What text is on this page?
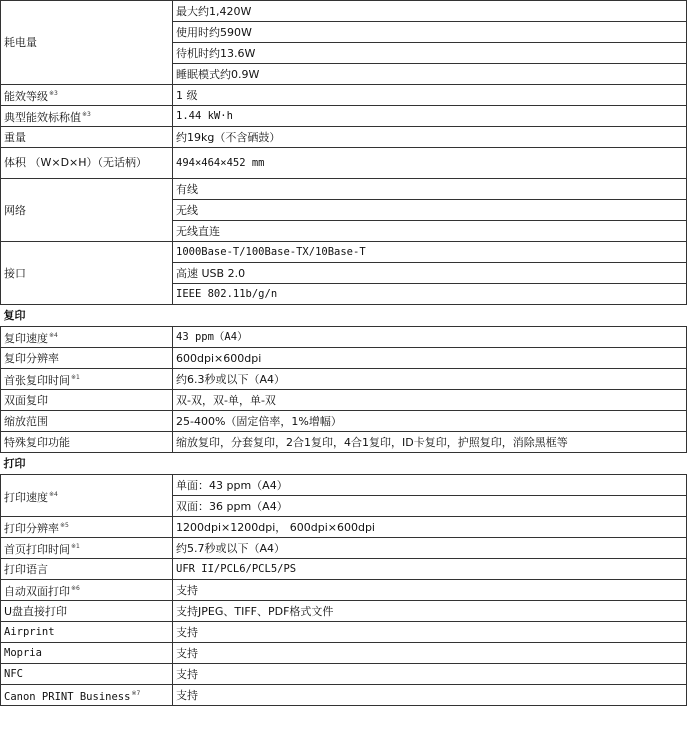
耗电量	最大约1,420W
	使用时约590W
	待机时约13.6W
	睡眠模式约0.9W
能效等级$^{※3}$	1 级
典型能效标称值$^{※3}$	1.44 kW·h
重量	约19kg（不含硒鼓）
体积 （W×D×H）（无话柄）	494×464×452 mm
网络	有线
	无线
	无线直连
接口	1000Base-T/100Base-TX/10Base-T
	高速 USB 2.0
	IEEE 802.11b/g/n
复印	
复印速度$^{※4}$	43 ppm（A4）
复印分辨率	600dpi×600dpi
首张复印时间$^{※1}$	约6.3秒或以下（A4）
双面复印	双-双，双-单，单-双
缩放范围	25-400%（固定倍率，1%增幅）
特殊复印功能	缩放复印，分套复印，2合1复印，4合1复印，ID卡复印，护照复印，消除黑框等
打印	
打印速度$^{※4}$	单面：43 ppm（A4）
	双面：36 ppm（A4）
打印分辨率$^{※5}$	1200dpi×1200dpi， 600dpi×600dpi
首页打印时间$^{※1}$	约5.7秒或以下（A4）
打印语言	UFR II/PCL6/PCL5/PS
自动双面打印$^{※6}$	支持
U盘直接打印	支持JPEG、TIFF、PDF格式文件
Airprint	支持
Mopria	支持
NFC	支持
Canon PRINT Business$^{※7}$	支持
